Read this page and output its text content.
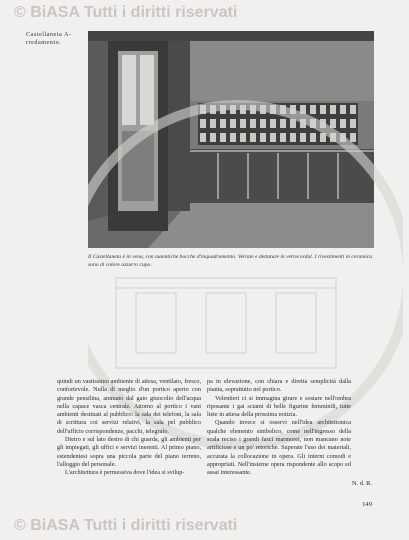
© BiASA Tutti i diritti riservati
Castellaneta A-
rredamento.
Il Castellaneta è in vena, con autentiche bocche d'inquadramento. Vetrate e dettature in vetrocordal. I rivestimenti in ceramica sono di colore azzurro cupo.

quindi un vastissimo ambiente di attesa, ventilato, fresco, confortevole. Nulla di meglio d'un portico aperto con grande pensilina, animato dal gaio giuocolio dell'acqua nella capace vasca centrale. Attorno al portico i vani ambienti destinati al pubblico: la sala dei telefoni, la sala di scrittura coi servizi relativi, la sala pel pubblico dell'ufficio corrispondenze, pacchi, telegrafo.

Dietro e sul lato destro di chi guarda, gli ambienti per gli impiegati, gli uffici e servizi inerenti. Al primo piano, estendentesi sopra una piccola parte del piano terreno, l'alloggio del personale.

L'architettura è permessiva dove l'idea si svilup-

pa in elevazione, con chiara e diretta semplicità dalla pianta, soprattutto nel portico.

Volentieri ci si immagina girare e sostare nell'ombra riposante i gai sciami di belle figurine femminili, tutte liete in attesa della prossima notizia.

Quando invece si osservi nell'idea architettonica qualche elemento simbolico, come nell'ingresso della scala reciso i grandi fasci marmorei, non mancano note artificiose e un po' retoriche. Superate l'uso dei materiali, accurata la collocazione in opera. Gli interni comodi e appropriati. Nell'insieme opera rispondente allo scopo ed assai interessante.

N. d. R.
149
© BiASA Tutti i diritti riservati
